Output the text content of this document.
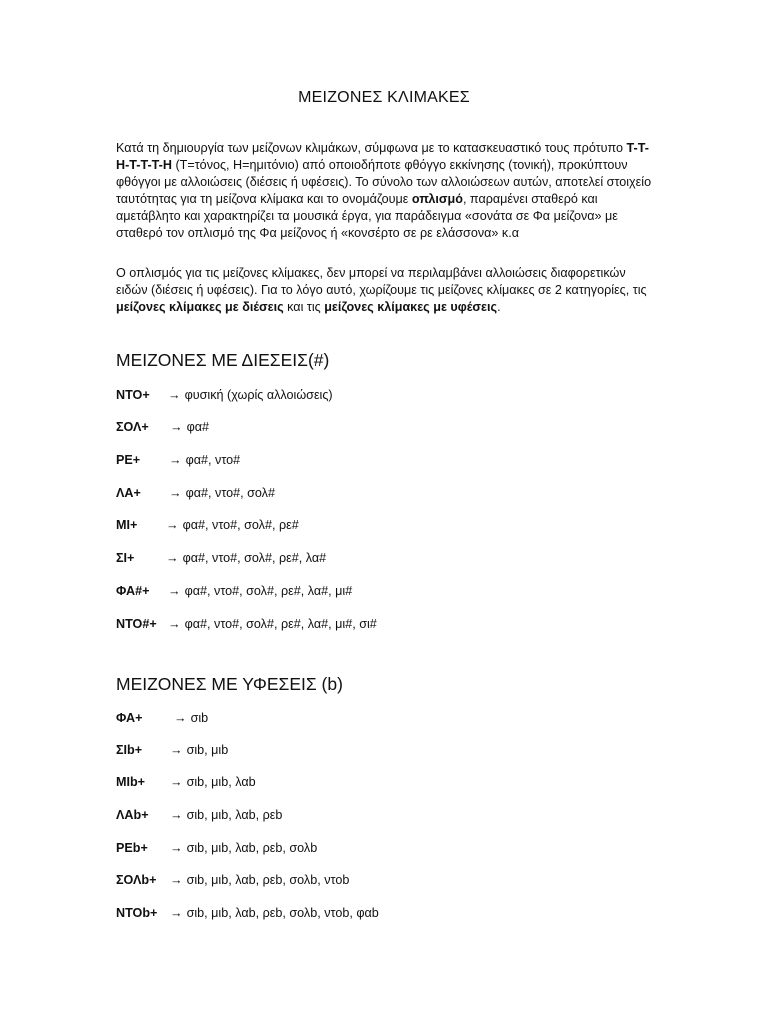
ΜΕΙΖΟΝΕΣ ΚΛΙΜΑΚΕΣ
Κατά τη δημιουργία των μείζονων κλιμάκων, σύμφωνα με το κατασκευαστικό τους πρότυπο Τ-Τ-Η-Τ-Τ-Τ-Η (Τ=τόνος, Η=ημιτόνιο) από οποιοδήποτε φθόγγο εκκίνησης (τονική), προκύπτουν φθόγγοι με αλλοιώσεις (διέσεις ή υφέσεις). Το σύνολο των αλλοιώσεων αυτών, αποτελεί στοιχείο ταυτότητας για τη μείζονα κλίμακα και το ονομάζουμε οπλισμό, παραμένει σταθερό και αμετάβλητο και χαρακτηρίζει τα μουσικά έργα, για παράδειγμα «σονάτα σε Φα μείζονα» με σταθερό τον οπλισμό της Φα μείζονος ή «κονσέρτο σε ρε ελάσσονα» κ.α
Ο οπλισμός για τις μείζονες κλίμακες, δεν μπορεί να περιλαμβάνει αλλοιώσεις διαφορετικών ειδών (διέσεις ή υφέσεις). Για το λόγο αυτό, χωρίζουμε τις μείζονες κλίμακες σε 2 κατηγορίες, τις μείζονες κλίμακες με διέσεις και τις μείζονες κλίμακες με υφέσεις.
ΜΕΙΖΟΝΕΣ ΜΕ ΔΙΕΣΕΙΣ(#)
ΝΤΟ+ → φυσική (χωρίς αλλοιώσεις)
ΣΟΛ+ → φα#
ΡΕ+ → φα#, ντο#
ΛΑ+ → φα#, ντο#, σολ#
ΜΙ+ → φα#, ντο#, σολ#, ρε#
ΣΙ+	→ φα#, ντο#, σολ#, ρε#, λα#
ΦΑ#+ → φα#, ντο#, σολ#, ρε#, λα#, μι#
ΝΤΟ#+ → φα#, ντο#, σολ#, ρε#, λα#, μι#, σι#
ΜΕΙΖΟΝΕΣ ΜΕ ΥΦΕΣΕΙΣ (b)
ΦΑ+	→ σιb
ΣΙb+ → σιb, μιb
ΜΙb+ → σιb, μιb, λαb
ΛΑb+ → σιb, μιb, λαb, ρεb
ΡΕb+ → σιb, μιb, λαb, ρεb, σολb
ΣΟΛb+ → σιb, μιb, λαb, ρεb, σολb, ντοb
ΝΤΟb+ → σιb, μιb, λαb, ρεb, σολb, ντοb, φαb
